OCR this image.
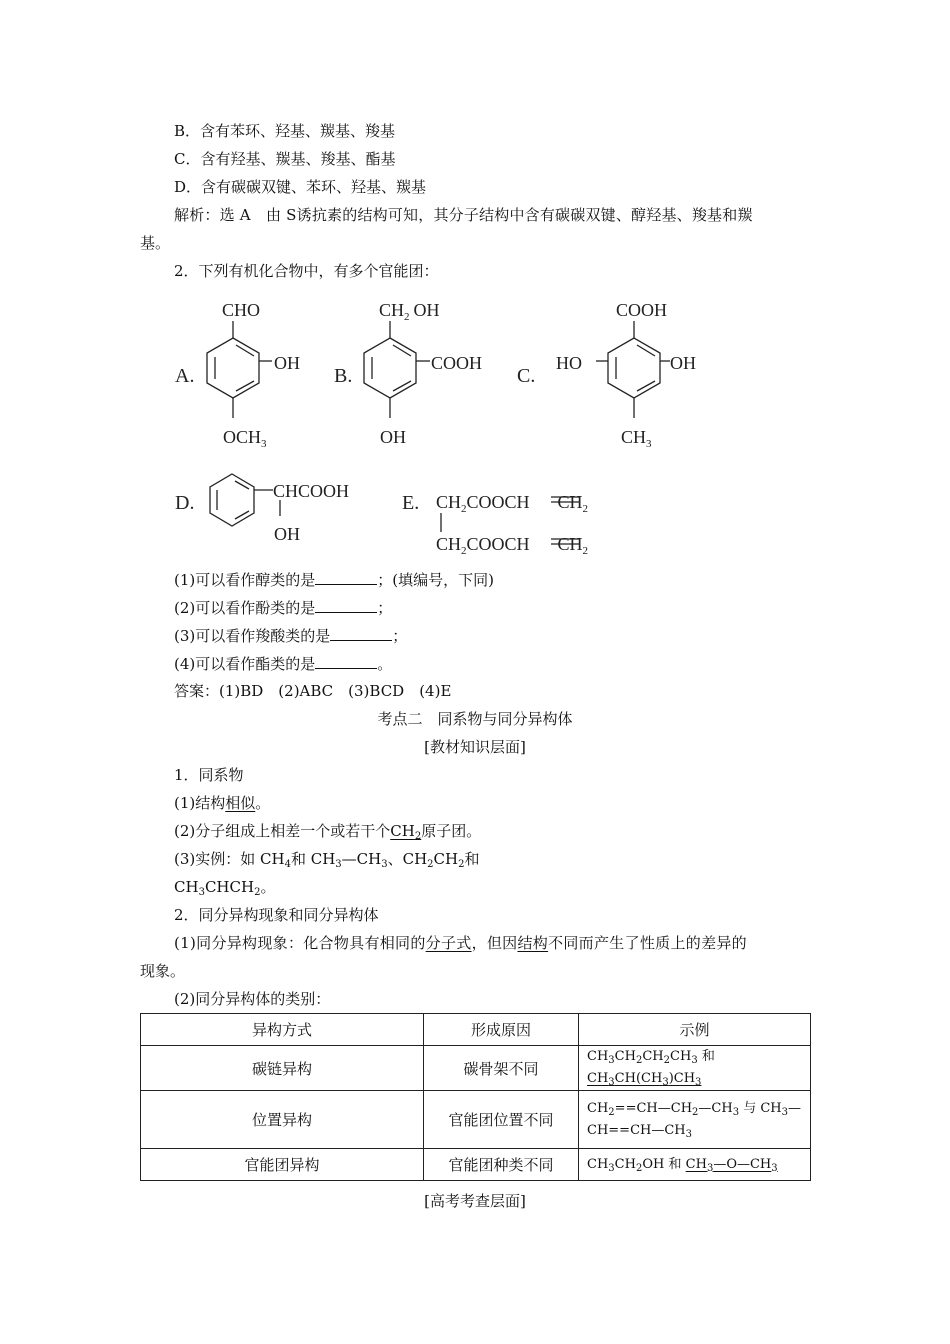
B．含有苯环、羟基、羰基、羧基
C．含有羟基、羰基、羧基、酯基
D．含有碳碳双键、苯环、羟基、羰基
解析：选 A　由 S诱抗素的结构可知，其分子结构中含有碳碳双键、醇羟基、羧基和羰
基。
2．下列有机化合物中，有多个官能团：
A.
CHO
OH
$OCH_3$
B.
$CH_2$ OH
COOH
OH
C.
COOH
HO	OH
$CH_3$
D.
CHCOOH
OH
E. $CH_2COOCH$ $CH_2$
$CH_2COOCH$ $CH_2$
(1)可以看作醇类的是	；(填编号，下同)
(2)可以看作酚类的是	；
(3)可以看作羧酸类的是	；
(4)可以看作酯类的是	。
答案：(1)BD　(2)ABC　(3)BCD　(4)E
考点二　同系物与同分异构体
[教材知识层面]
1．同系物
(1)结构相似。
(2)分子组成上相差一个或若干个$CH_2$原子团。
(3)实例：如 $CH_4$和 $CH_3—CH_3$、$CH_2CH_2$和
$CH_3CHCH_2$。
2．同分异构现象和同分异构体
(1)同分异构现象：化合物具有相同的分子式，但因结构不同而产生了性质上的差异的
现象。
(2)同分异构体的类别：
异构方式	形成原因	示例
碳链异构	碳骨架不同	$CH_3CH_2CH_2CH_3$ 和 $CH_3CH(CH_3)CH_3$
位置异构	官能团位置不同	$CH_2==CH—CH_2—CH_3$ 与 $CH_3—$
$CH==CH—CH_3$

官能团异构	官能团种类不同	$CH_3CH_2OH$ 和 $CH_3—O—CH_3$
[高考考查层面]
